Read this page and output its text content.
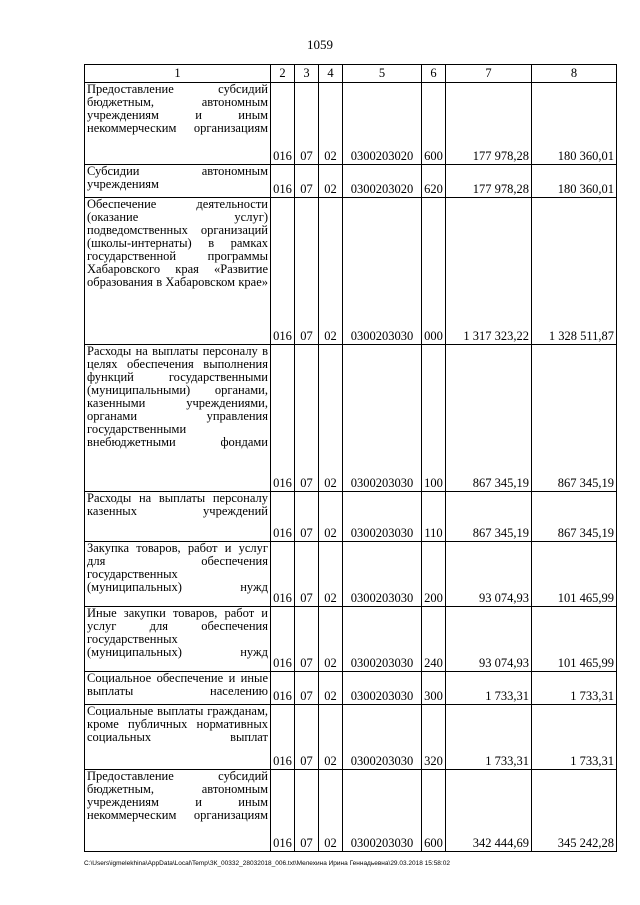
1059
1	2	3	4	5	6	7	8

Предоставление субсидий бюджетным, автономным учреждениям и иным некоммерческим организациям	016	07	02	0300203020	600	177 978,28	180 360,01

Субсидии автономным учреждениям	016	07	02	0300203020	620	177 978,28	180 360,01

Обеспечение деятельности (оказание услуг) подведомственных организаций (школы-интернаты) в рамках государственной программы Хабаровского края «Развитие образования в Хабаровском крае»	016	07	02	0300203030	000	1 317 323,22	1 328 511,87

Расходы на выплаты персоналу в целях обеспечения выполнения функций государственными (муниципальными) органами, казенными учреждениями, органами управления государственными внебюджетными фондами	016	07	02	0300203030	100	867 345,19	867 345,19

Расходы на выплаты персоналу казенных учреждений	016	07	02	0300203030	110	867 345,19	867 345,19

Закупка товаров, работ и услуг для обеспечения государственных (муниципальных) нужд	016	07	02	0300203030	200	93 074,93	101 465,99

Иные закупки товаров, работ и услуг для обеспечения государственных (муниципальных) нужд	016	07	02	0300203030	240	93 074,93	101 465,99

Социальное обеспечение и иные выплаты населению	016	07	02	0300203030	300	1 733,31	1 733,31

Социальные выплаты гражданам, кроме публичных нормативных социальных выплат	016	07	02	0300203030	320	1 733,31	1 733,31

Предоставление субсидий бюджетным, автономным учреждениям и иным некоммерческим организациям	016	07	02	0300203030	600	342 444,69	345 242,28
C:\Users\igmelekhina\AppData\Local\Temp\ЗК_00332_28032018_006.txt\Мелехина Ирина Геннадьевна\29.03.2018 15:58:02
